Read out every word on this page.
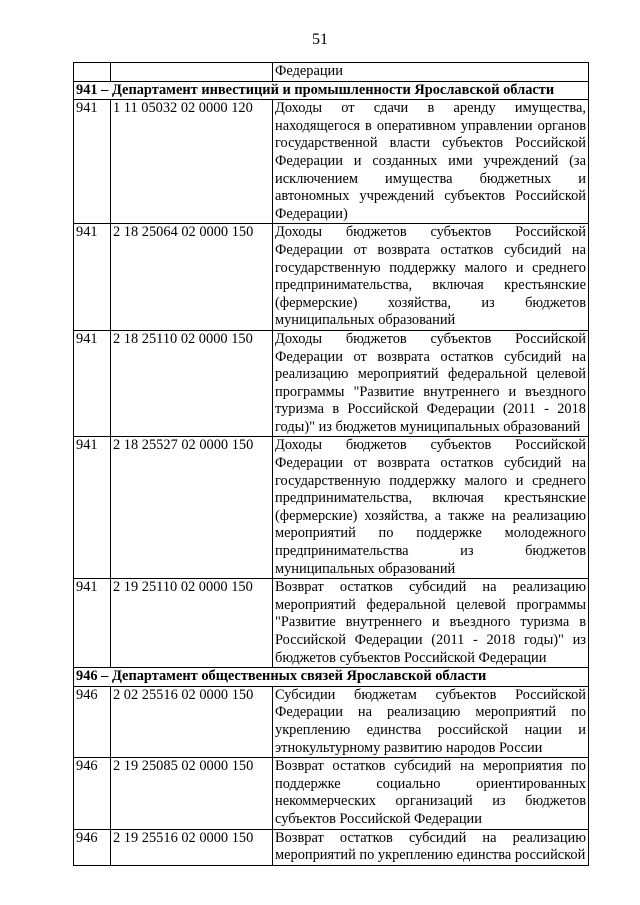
51
		Федерации
941 – Департамент инвестиций и промышленности Ярославской области		
941	1 11 05032 02 0000 120	Доходы от сдачи в аренду имущества, находящегося в оперативном управлении органов государственной власти субъектов Российской Федерации и созданных ими учреждений (за исключением имущества бюджетных и автономных учреждений субъектов Российской Федерации)
941	2 18 25064 02 0000 150	Доходы бюджетов субъектов Российской Федерации от возврата остатков субсидий на государственную поддержку малого и среднего предпринимательства, включая крестьянские (фермерские) хозяйства, из бюджетов муниципальных образований
941	2 18 25110 02 0000 150	Доходы бюджетов субъектов Российской Федерации от возврата остатков субсидий на реализацию мероприятий федеральной целевой программы "Развитие внутреннего и въездного туризма в Российской Федерации (2011 - 2018 годы)" из бюджетов муниципальных образований
941	2 18 25527 02 0000 150	Доходы бюджетов субъектов Российской Федерации от возврата остатков субсидий на государственную поддержку малого и среднего предпринимательства, включая крестьянские (фермерские) хозяйства, а также на реализацию мероприятий по поддержке молодежного предпринимательства из бюджетов муниципальных образований
941	2 19 25110 02 0000 150	Возврат остатков субсидий на реализацию мероприятий федеральной целевой программы "Развитие внутреннего и въездного туризма в Российской Федерации (2011 - 2018 годы)" из бюджетов субъектов Российской Федерации
946 – Департамент общественных связей Ярославской области		
946	2 02 25516 02 0000 150	Субсидии бюджетам субъектов Российской Федерации на реализацию мероприятий по укреплению единства российской нации и этнокультурному развитию народов России
946	2 19 25085 02 0000 150	Возврат остатков субсидий на мероприятия по поддержке социально ориентированных некоммерческих организаций из бюджетов субъектов Российской Федерации
946	2 19 25516 02 0000 150	Возврат остатков субсидий на реализацию мероприятий по укреплению единства российской
